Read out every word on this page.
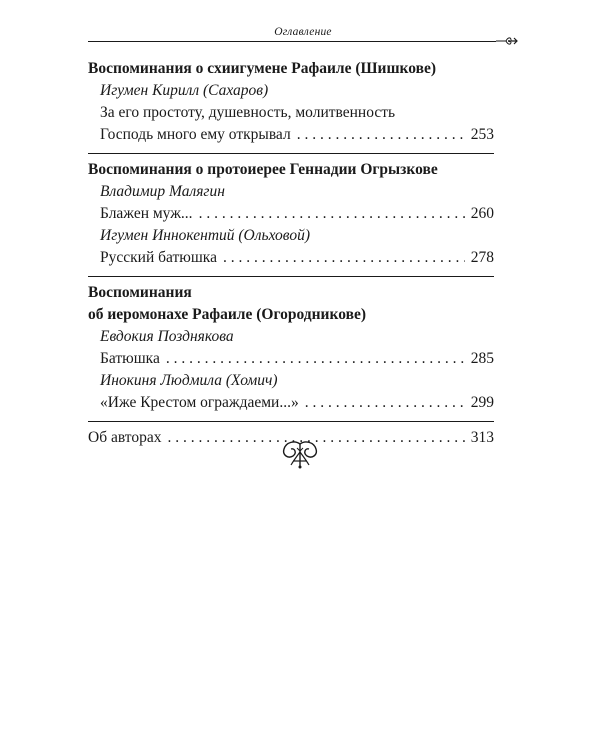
Оглавление
Воспоминания о схиигумене Рафаиле (Шишкове)
Игумен Кирилл (Сахаров)
За его простоту, душевность, молитвенность
Господь много ему открывал . . .	253
Воспоминания о протоиерее Геннадии Огрызкове
Владимир Малягин
Блажен муж... . . .	260
Игумен Иннокентий (Ольховой)
Русский батюшка . . .	278
Воспоминания
об иеромонахе Рафаиле (Огородникове)
Евдокия Позднякова
Батюшка . . .	285
Инокиня Людмила (Хомич)
«Иже Крестом ограждаеми...» . . .	299
Об авторах . . .	313
